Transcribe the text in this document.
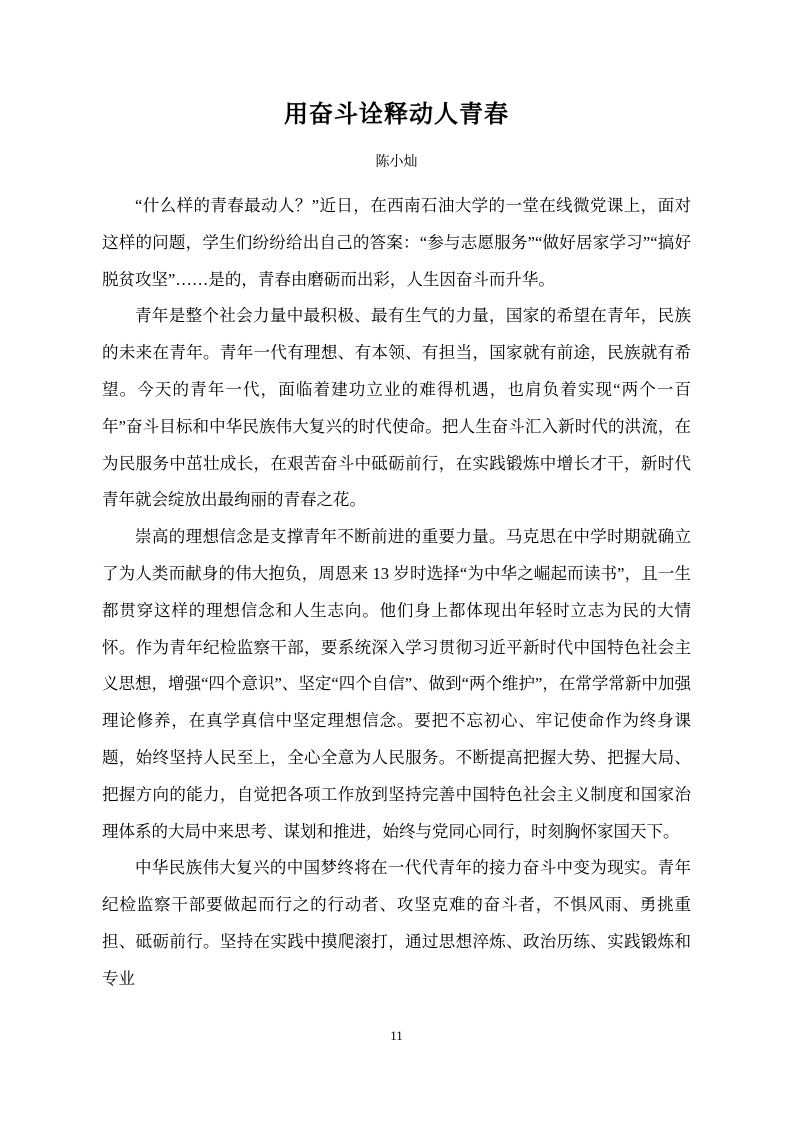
用奋斗诠释动人青春
陈小灿

“什么样的青春最动人？”近日，在西南石油大学的一堂在线微党课上，面对这样的问题，学生们纷纷给出自己的答案：“参与志愿服务”“做好居家学习”“搞好脱贫攻坚”……是的，青春由磨砺而出彩，人生因奋斗而升华。

青年是整个社会力量中最积极、最有生气的力量，国家的希望在青年，民族的未来在青年。青年一代有理想、有本领、有担当，国家就有前途，民族就有希望。今天的青年一代，面临着建功立业的难得机遇，也肩负着实现“两个一百年”奋斗目标和中华民族伟大复兴的时代使命。把人生奋斗汇入新时代的洪流，在为民服务中茁壮成长，在艰苦奋斗中砥砺前行，在实践锻炼中增长才干，新时代青年就会绽放出最绚丽的青春之花。

崇高的理想信念是支撑青年不断前进的重要力量。马克思在中学时期就确立了为人类而献身的伟大抱负，周恩来 13 岁时选择“为中华之崛起而读书”，且一生都贯穿这样的理想信念和人生志向。他们身上都体现出年轻时立志为民的大情怀。作为青年纪检监察干部，要系统深入学习贯彻习近平新时代中国特色社会主义思想，增强“四个意识”、坚定“四个自信”、做到“两个维护”，在常学常新中加强理论修养，在真学真信中坚定理想信念。要把不忘初心、牢记使命作为终身课题，始终坚持人民至上，全心全意为人民服务。不断提高把握大势、把握大局、把握方向的能力，自觉把各项工作放到坚持完善中国特色社会主义制度和国家治理体系的大局中来思考、谋划和推进，始终与党同心同行，时刻胸怀家国天下。

中华民族伟大复兴的中国梦终将在一代代青年的接力奋斗中变为现实。青年纪检监察干部要做起而行之的行动者、攻坚克难的奋斗者，不惧风雨、勇挑重担、砥砺前行。坚持在实践中摸爬滚打，通过思想淬炼、政治历练、实践锻炼和专业

11
